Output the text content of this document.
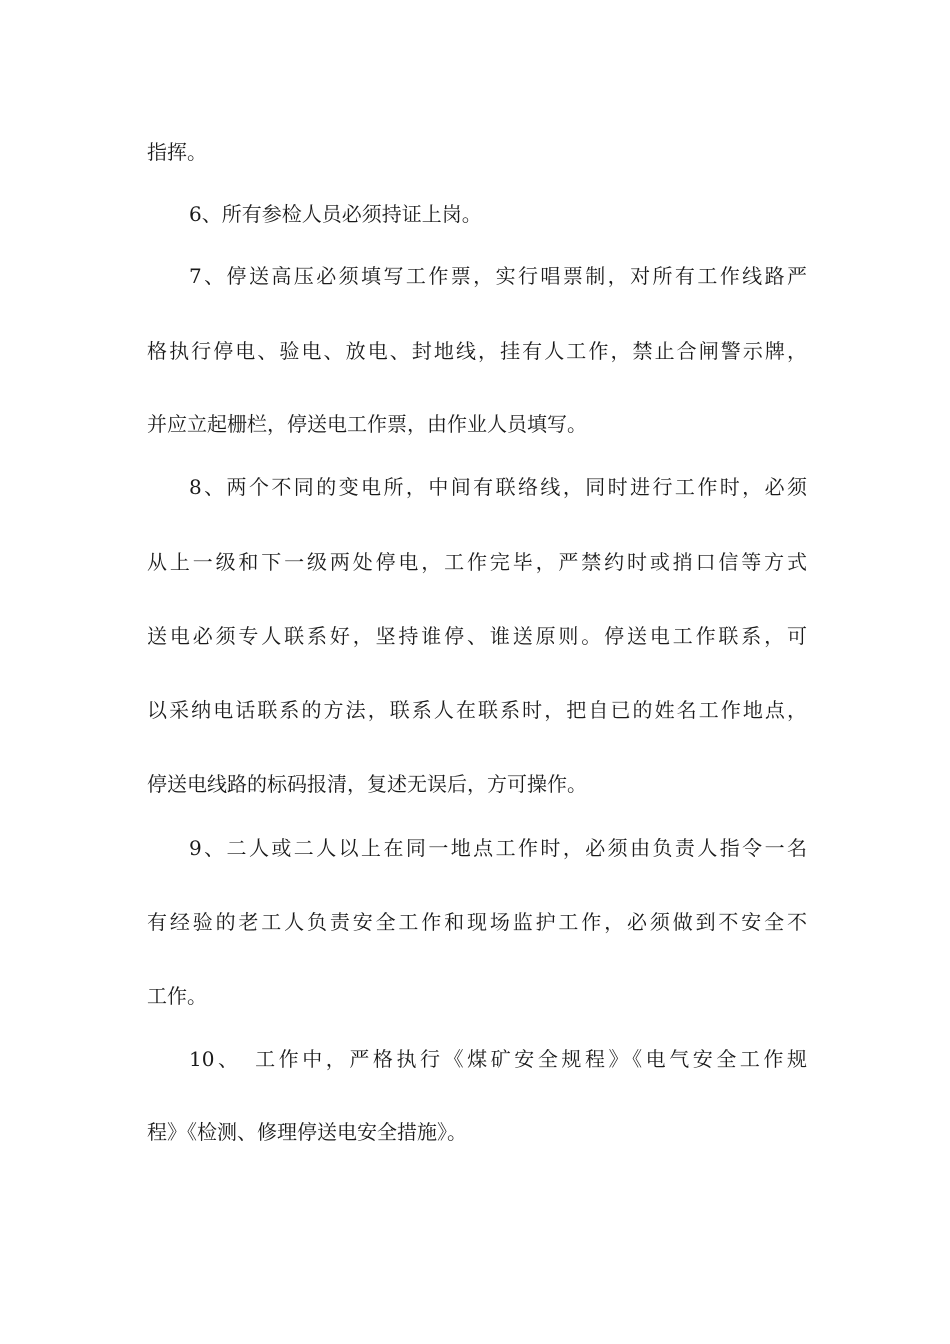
指挥。
6、所有参检人员必须持证上岗。
7、停送高压必须填写工作票，实行唱票制，对所有工作线路严
格执行停电、验电、放电、封地线，挂有人工作，禁止合闸警示牌，
并应立起栅栏，停送电工作票，由作业人员填写。
8、两个不同的变电所，中间有联络线，同时进行工作时，必须
从上一级和下一级两处停电，工作完毕，严禁约时或捎口信等方式
送电必须专人联系好，坚持谁停、谁送原则。停送电工作联系，可
以采纳电话联系的方法，联系人在联系时，把自已的姓名工作地点，
停送电线路的标码报清，复述无误后，方可操作。
9、二人或二人以上在同一地点工作时，必须由负责人指令一名
有经验的老工人负责安全工作和现场监护工作，必须做到不安全不
工作。
10、　工作中，严格执行《煤矿安全规程》《电气安全工作规
程》《检测、修理停送电安全措施》。
